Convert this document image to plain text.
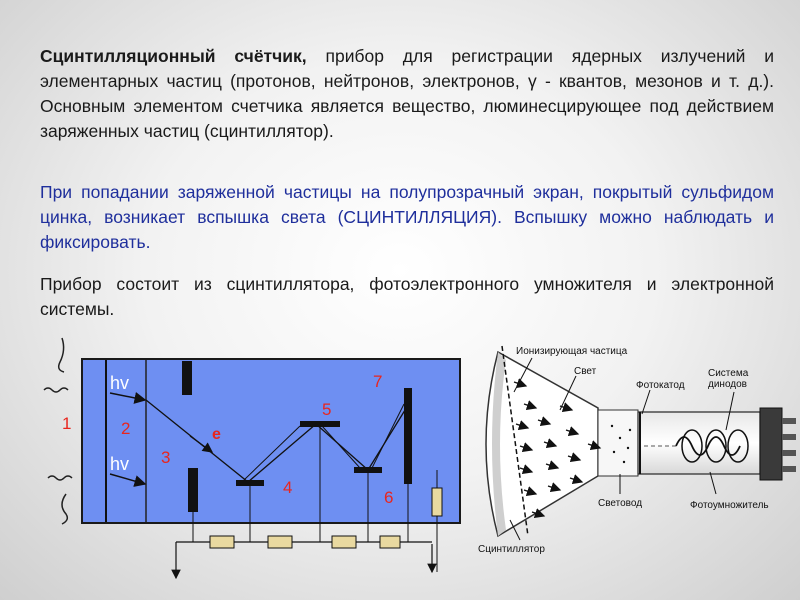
Сцинтилляционный счётчик, прибор для регистрации ядерных излучений и элементарных частиц (протонов, нейтронов, электронов, γ - квантов, мезонов и т. д.). Основным элементом счетчика является вещество, люминесцирующее под действием заряженных частиц (сцинтиллятор).

При попадании заряженной частицы на полупрозрачный экран, покрытый сульфидом цинка, возникает вспышка света (СЦИНТИЛЛЯЦИЯ). Вспышку можно наблюдать и фиксировать.

Прибор состоит из сцинтиллятора, фотоэлектронного умножителя и электронной системы.

hv
hv
1	2
3
4
5
6
7
e
Ионизирующая частица
Свет
Фотокатод
Система динодов
Световод	Фотоумножитель
Сцинтиллятор
